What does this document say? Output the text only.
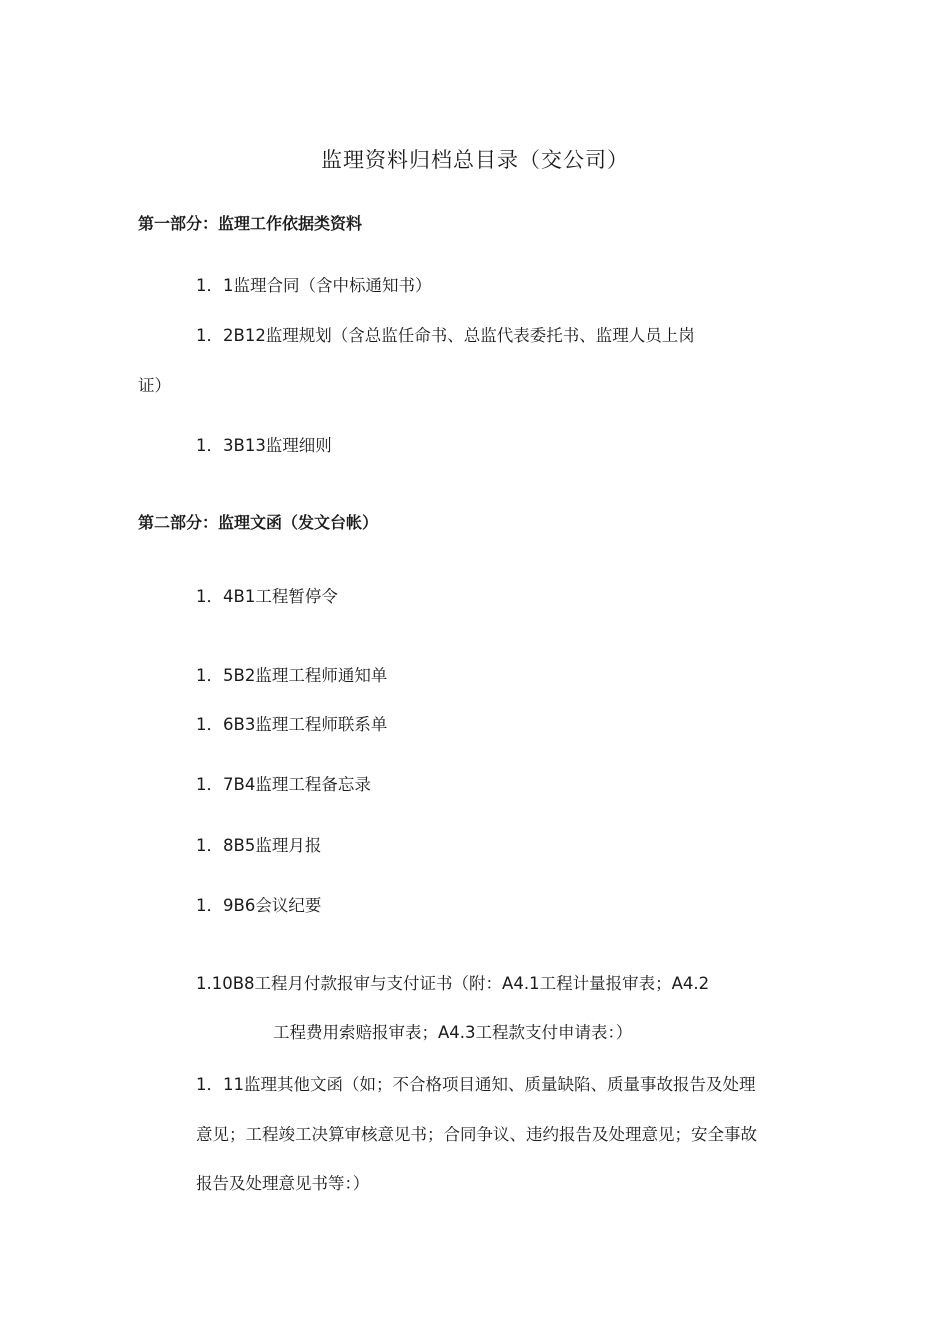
监理资料归档总目录（交公司）
第一部分：监理工作依据类资料
1．1监理合同（含中标通知书）
1．2B12监理规划（含总监任命书、总监代表委托书、监理人员上岗
证）
1．3B13监理细则
第二部分：监理文函（发文台帐）
1．4B1工程暂停令
1．5B2监理工程师通知单
1．6B3监理工程师联系单
1．7B4监理工程备忘录
1．8B5监理月报
1．9B6会议纪要
1.10B8工程月付款报审与支付证书（附：A4.1工程计量报审表；A4.2
工程费用索赔报审表；A4.3工程款支付申请表：）
1．11监理其他文函（如；不合格项目通知、质量缺陷、质量事故报告及处理
意见；工程竣工决算审核意见书；合同争议、违约报告及处理意见；安全事故
报告及处理意见书等：）
